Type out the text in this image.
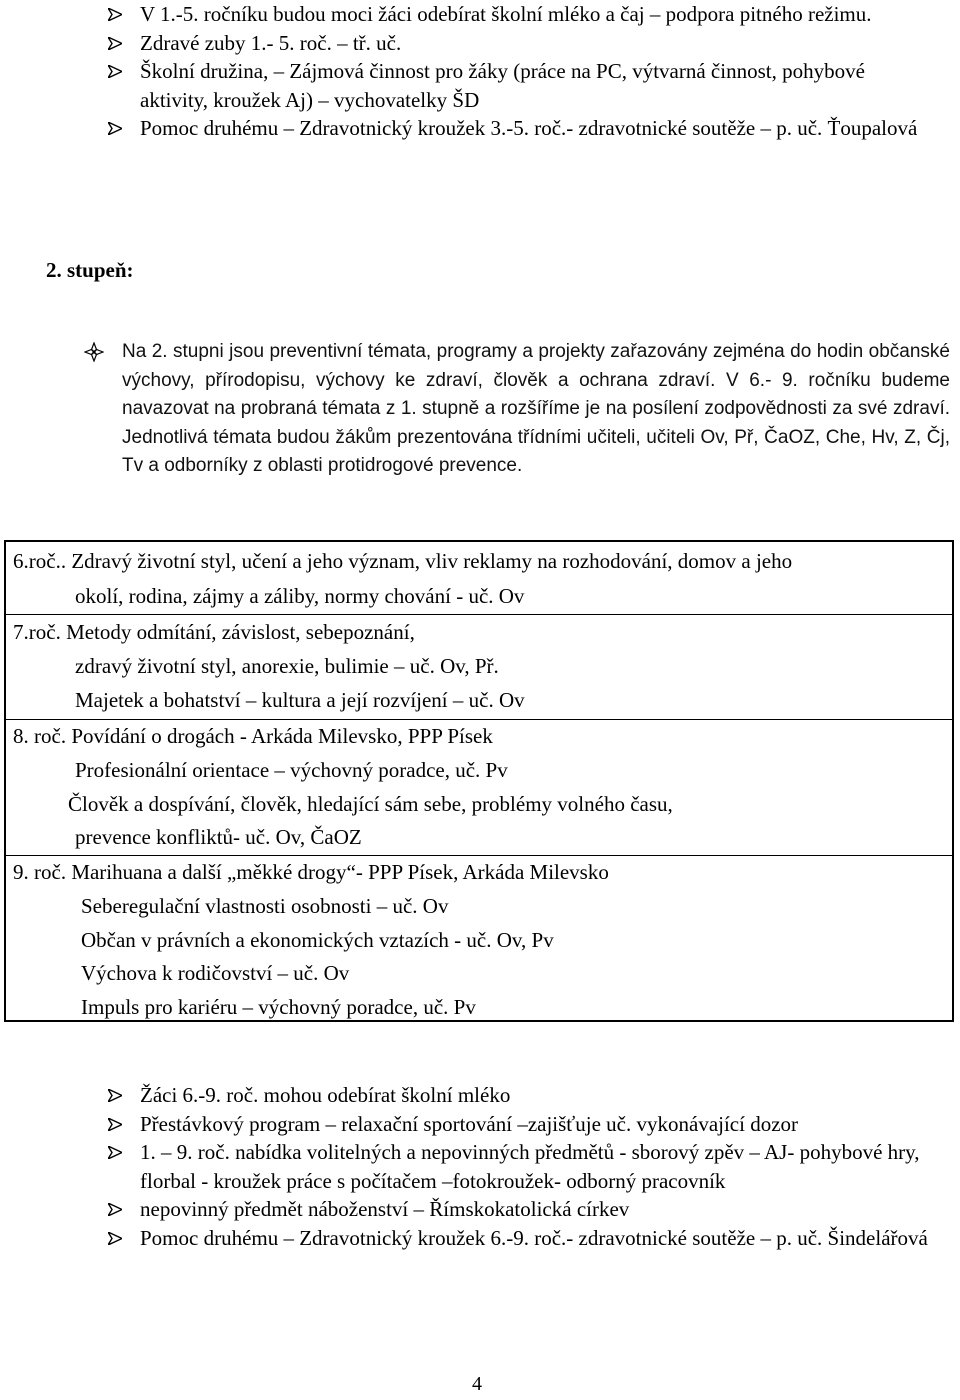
V 1.-5. ročníku budou moci žáci odebírat školní mléko a čaj – podpora pitného režimu.
Zdravé zuby 1.- 5. roč. – tř. uč.
Školní družina, – Zájmová činnost pro žáky (práce na PC, výtvarná činnost, pohybové aktivity, kroužek Aj) – vychovatelky ŠD
Pomoc druhému – Zdravotnický kroužek 3.-5. roč.- zdravotnické soutěže – p. uč. Ťoupalová
2. stupeň:
Na 2. stupni jsou preventivní témata, programy a projekty zařazovány zejména do hodin občanské výchovy, přírodopisu, výchovy ke zdraví, člověk a ochrana zdraví. V 6.- 9. ročníku budeme navazovat na probraná témata z 1. stupně a rozšíříme je na posílení zodpovědnosti za své zdraví. Jednotlivá témata budou žákům prezentována třídními učiteli, učiteli Ov, Př, ČaOZ, Che, Hv, Z, Čj, Tv a odborníky z oblasti protidrogové prevence.
6.roč.. Zdravý životní styl, učení a jeho význam, vliv reklamy na rozhodování, domov a jeho
okolí, rodina, zájmy a záliby, normy chování - uč. Ov
7.roč. Metody odmítání, závislost, sebepoznání,
zdravý životní styl, anorexie, bulimie – uč. Ov, Př.
Majetek a bohatství – kultura a její rozvíjení – uč. Ov
8. roč. Povídání o drogách - Arkáda Milevsko, PPP Písek
Profesionální orientace – výchovný poradce, uč. Pv
Člověk a dospívání, člověk, hledající sám sebe, problémy volného času,
prevence konfliktů- uč. Ov, ČaOZ
9. roč. Marihuana a další „měkké drogy“- PPP Písek, Arkáda Milevsko
Seberegulační vlastnosti osobnosti – uč. Ov
Občan v právních a ekonomických vztazích - uč. Ov, Pv
Výchova k rodičovství – uč. Ov
Impuls pro kariéru – výchovný poradce, uč. Pv
Žáci 6.-9. roč. mohou odebírat školní mléko
Přestávkový program – relaxační sportování –zajišťuje uč. vykonávající dozor
1. – 9. roč. nabídka volitelných a nepovinných předmětů - sborový zpěv – AJ- pohybové hry, florbal - kroužek práce s počítačem –fotokroužek- odborný pracovník
nepovinný předmět náboženství – Římskokatolická církev
Pomoc druhému – Zdravotnický kroužek 6.-9. roč.- zdravotnické soutěže – p. uč. Šindelářová
4
